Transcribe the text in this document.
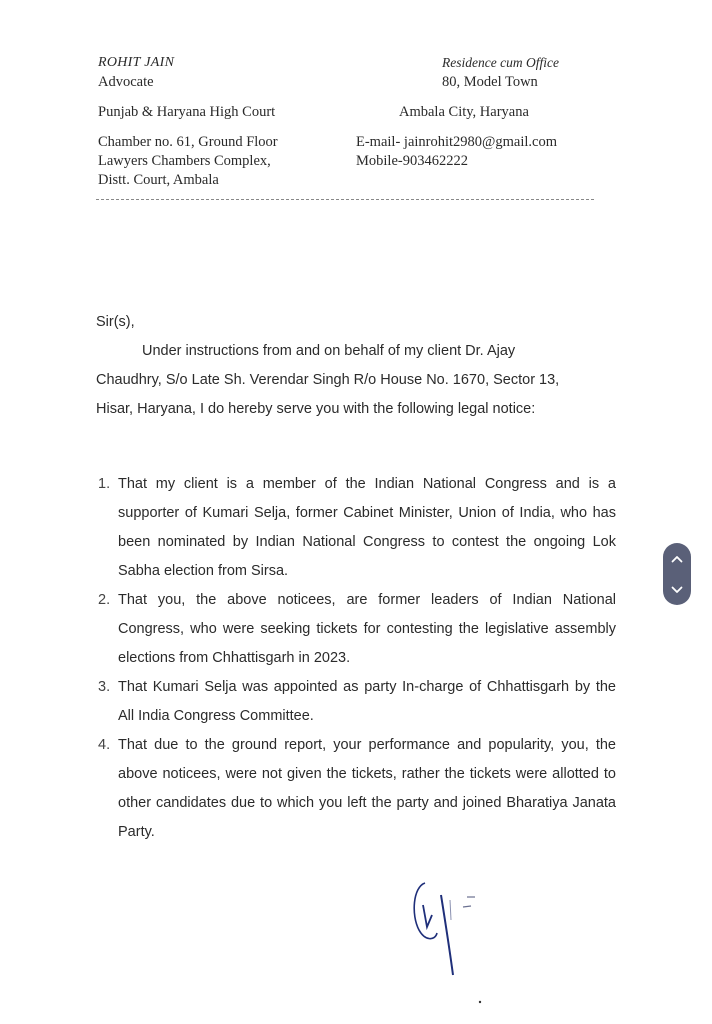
ROHIT JAIN
Advocate
Punjab & Haryana High Court
Chamber no. 61, Ground Floor
Lawyers Chambers Complex,
Distt. Court, Ambala
Residence cum Office
80, Model Town
Ambala City, Haryana
E-mail- jainrohit2980@gmail.com
Mobile-903462222
Sir(s),
Under instructions from and on behalf of my client Dr. Ajay
Chaudhry, S/o Late Sh. Verendar Singh R/o House No. 1670, Sector 13,
Hisar, Haryana, I do hereby serve you with the following legal notice:
1. That my client is a member of the Indian National Congress and is a supporter of Kumari Selja, former Cabinet Minister, Union of India, who has been nominated by Indian National Congress to contest the ongoing Lok Sabha election from Sirsa.
2. That you, the above noticees, are former leaders of Indian National Congress, who were seeking tickets for contesting the legislative assembly elections from Chhattisgarh in 2023.
3. That Kumari Selja was appointed as party In-charge of Chhattisgarh by the All India Congress Committee.
4. That due to the ground report, your performance and popularity, you, the above noticees, were not given the tickets, rather the tickets were allotted to other candidates due to which you left the party and joined Bharatiya Janata Party.
